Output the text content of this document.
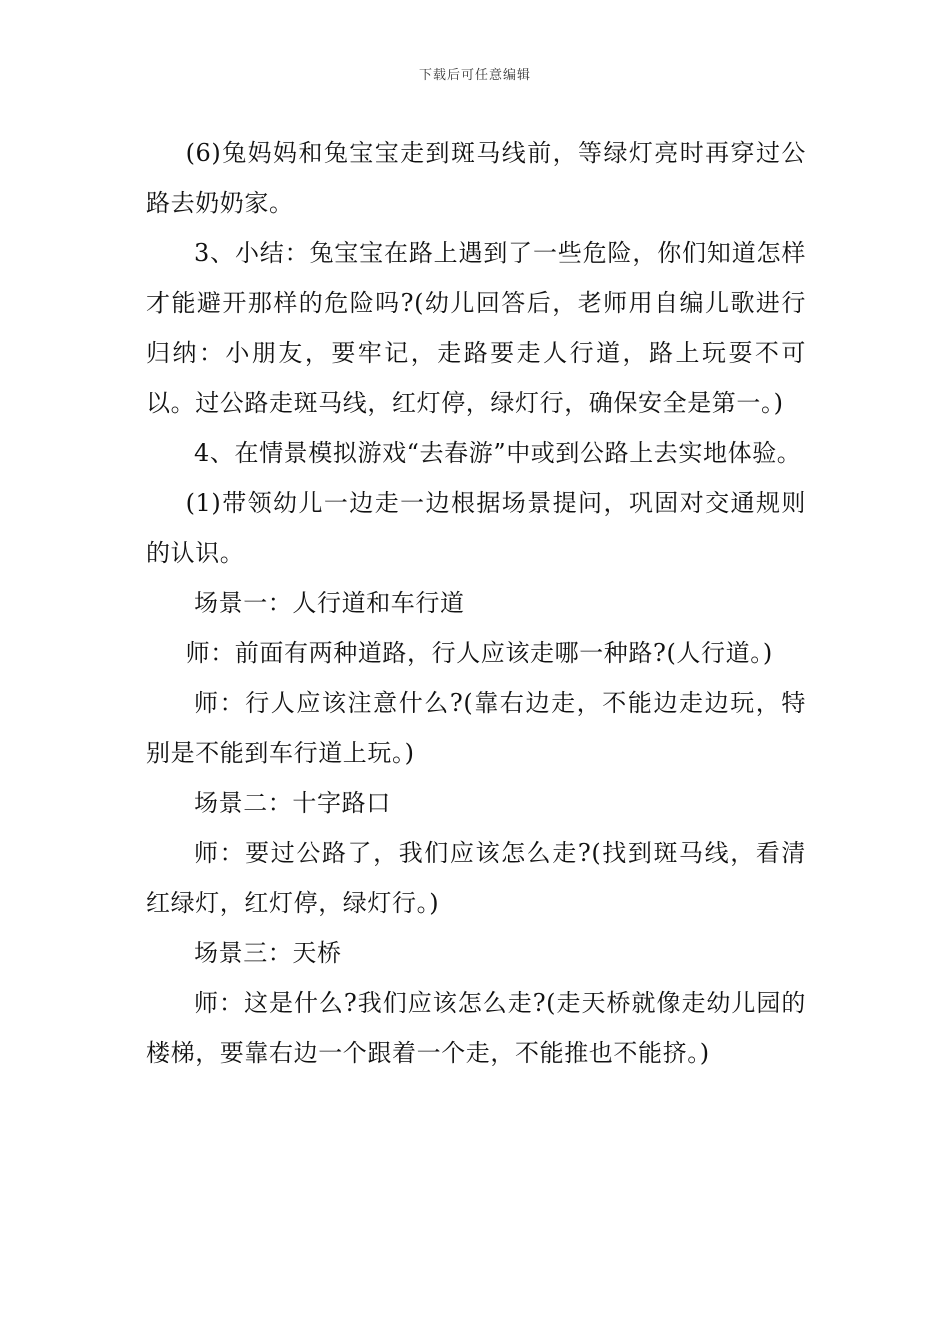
下载后可任意编辑

(6)兔妈妈和兔宝宝走到斑马线前，等绿灯亮时再穿过公路去奶奶家。

3、小结：兔宝宝在路上遇到了一些危险，你们知道怎样才能避开那样的危险吗?(幼儿回答后，老师用自编儿歌进行归纳：小朋友，要牢记，走路要走人行道，路上玩耍不可以。过公路走斑马线，红灯停，绿灯行，确保安全是第一。)

4、在情景模拟游戏“去春游”中或到公路上去实地体验。

(1)带领幼儿一边走一边根据场景提问，巩固对交通规则的认识。

场景一：人行道和车行道

师：前面有两种道路，行人应该走哪一种路?(人行道。)

师：行人应该注意什么?(靠右边走，不能边走边玩，特别是不能到车行道上玩。)

场景二：十字路口

师：要过公路了，我们应该怎么走?(找到斑马线，看清红绿灯，红灯停，绿灯行。)

场景三：天桥

师：这是什么?我们应该怎么走?(走天桥就像走幼儿园的楼梯，要靠右边一个跟着一个走，不能推也不能挤。)
